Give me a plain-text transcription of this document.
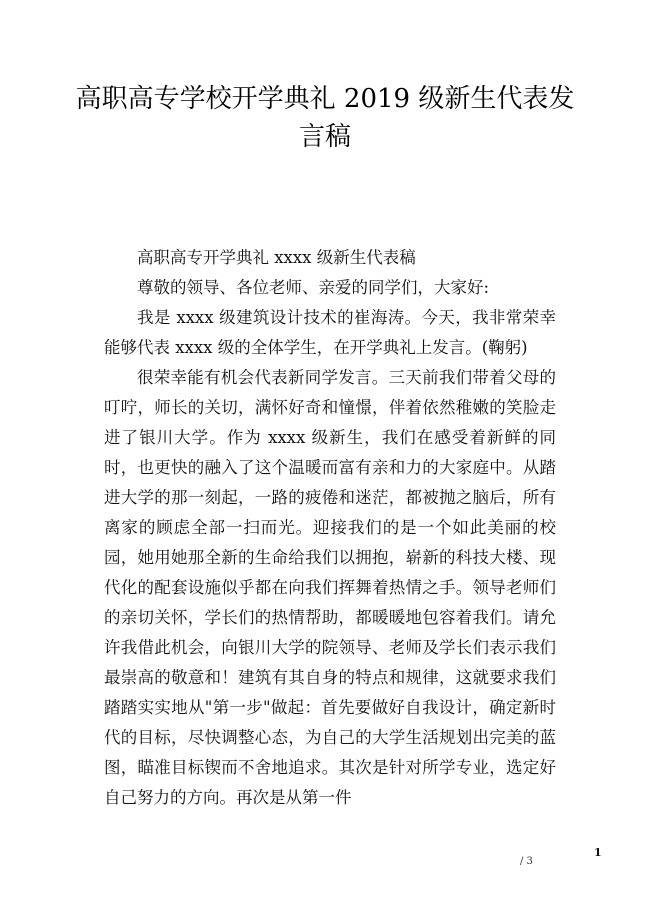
高职高专学校开学典礼 2019 级新生代表发
言稿

高职高专开学典礼 xxxx 级新生代表稿

尊敬的领导、各位老师、亲爱的同学们，大家好:

我是 xxxx 级建筑设计技术的崔海涛。今天，我非常荣幸能够代表 xxxx 级的全体学生，在开学典礼上发言。(鞠躬)

很荣幸能有机会代表新同学发言。三天前我们带着父母的叮咛，师长的关切，满怀好奇和憧憬，伴着依然稚嫩的笑脸走进了银川大学。作为 xxxx 级新生，我们在感受着新鲜的同时，也更快的融入了这个温暖而富有亲和力的大家庭中。从踏进大学的那一刻起，一路的疲倦和迷茫，都被抛之脑后，所有离家的顾虑全部一扫而光。迎接我们的是一个如此美丽的校园，她用她那全新的生命给我们以拥抱，崭新的科技大楼、现代化的配套设施似乎都在向我们挥舞着热情之手。领导老师们的亲切关怀，学长们的热情帮助，都暖暖地包容着我们。请允许我借此机会，向银川大学的院领导、老师及学长们表示我们最崇高的敬意和！建筑有其自身的特点和规律，这就要求我们踏踏实实地从"第一步"做起：首先要做好自我设计，确定新时代的目标，尽快调整心态，为自己的大学生活规划出完美的蓝图，瞄准目标锲而不舍地追求。其次是针对所学专业，选定好自己努力的方向。再次是从第一件

1
/ 3
